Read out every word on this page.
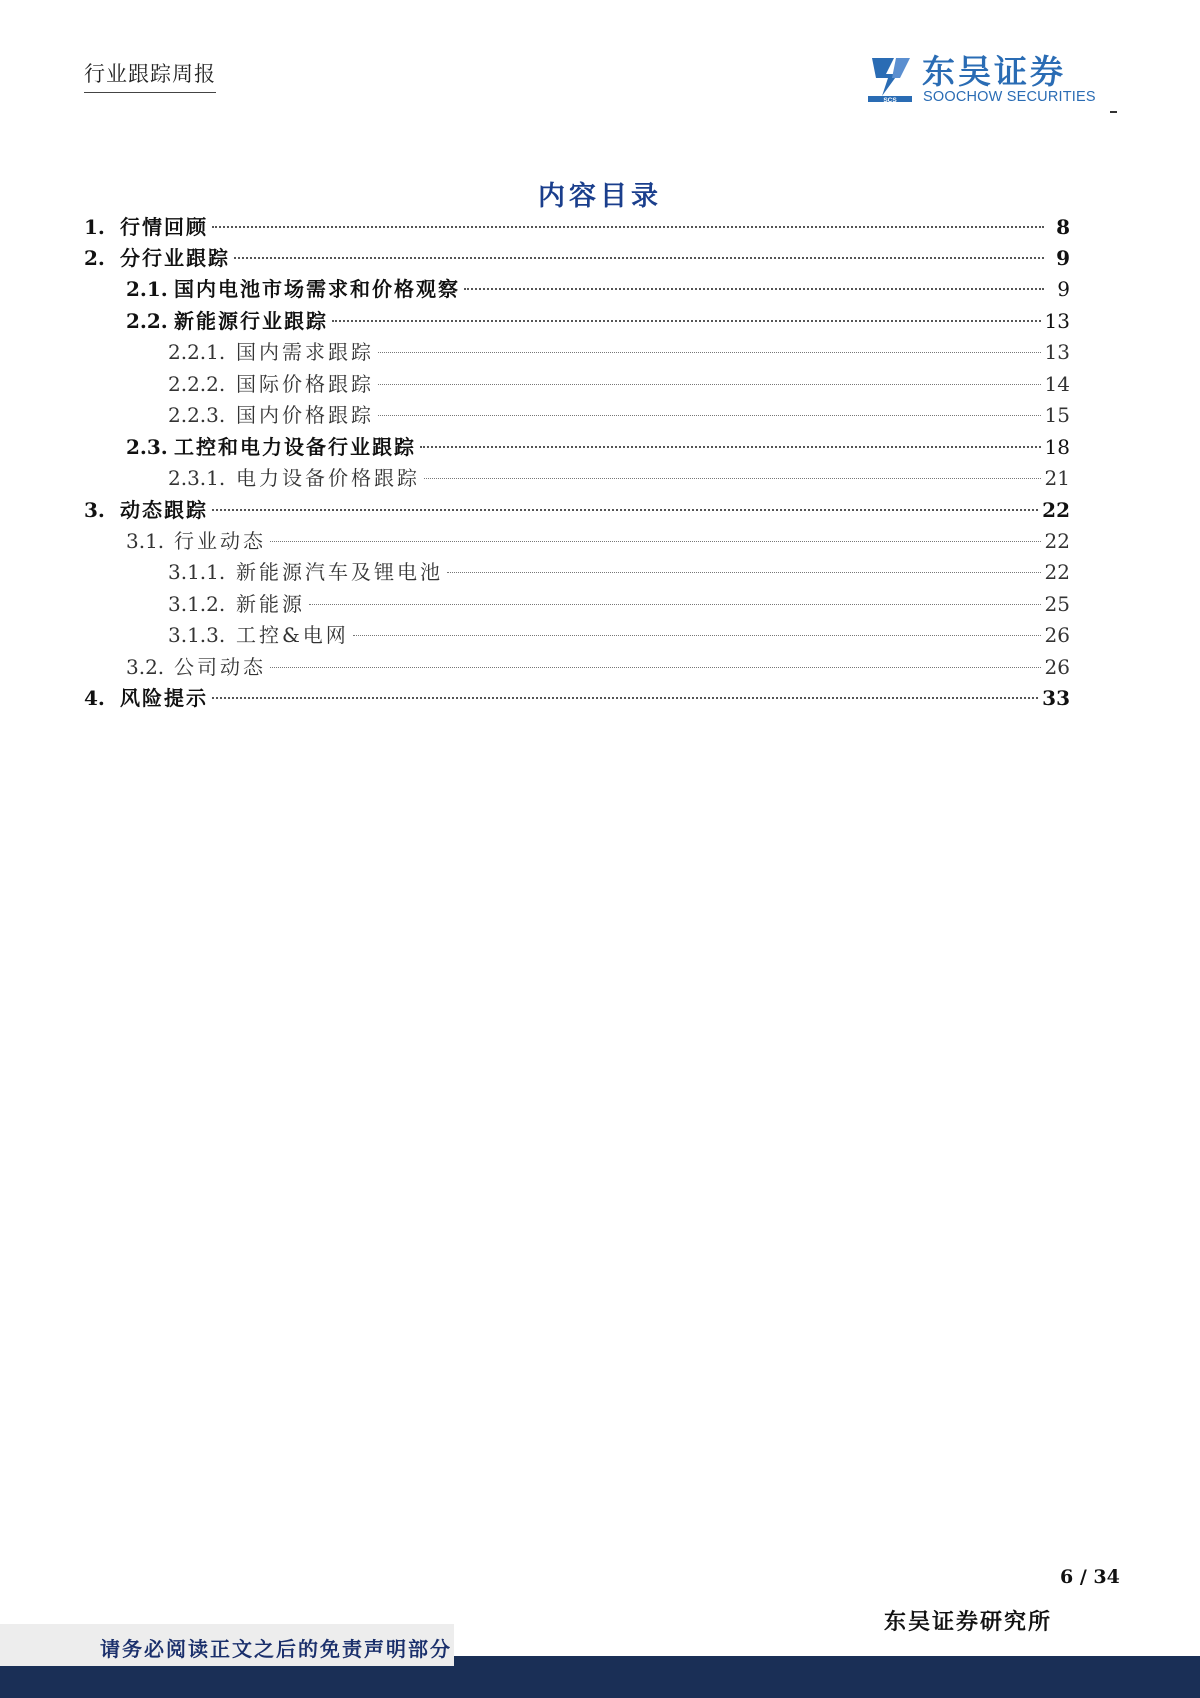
行业跟踪周报
SCS
东吴证券
SOOCHOW SECURITIES
内容目录
1. 行情回顾	8
2. 分行业跟踪	9
2.1. 国内电池市场需求和价格观察	9
2.2. 新能源行业跟踪	13
2.2.1. 国内需求跟踪	13
2.2.2. 国际价格跟踪	14
2.2.3. 国内价格跟踪	15
2.3. 工控和电力设备行业跟踪	18
2.3.1. 电力设备价格跟踪	21
3. 动态跟踪	22
3.1. 行业动态	22
3.1.1. 新能源汽车及锂电池	22
3.1.2. 新能源	25
3.1.3. 工控&电网	26
3.2. 公司动态	26
4. 风险提示	33
6 / 34
东吴证券研究所
请务必阅读正文之后的免责声明部分
